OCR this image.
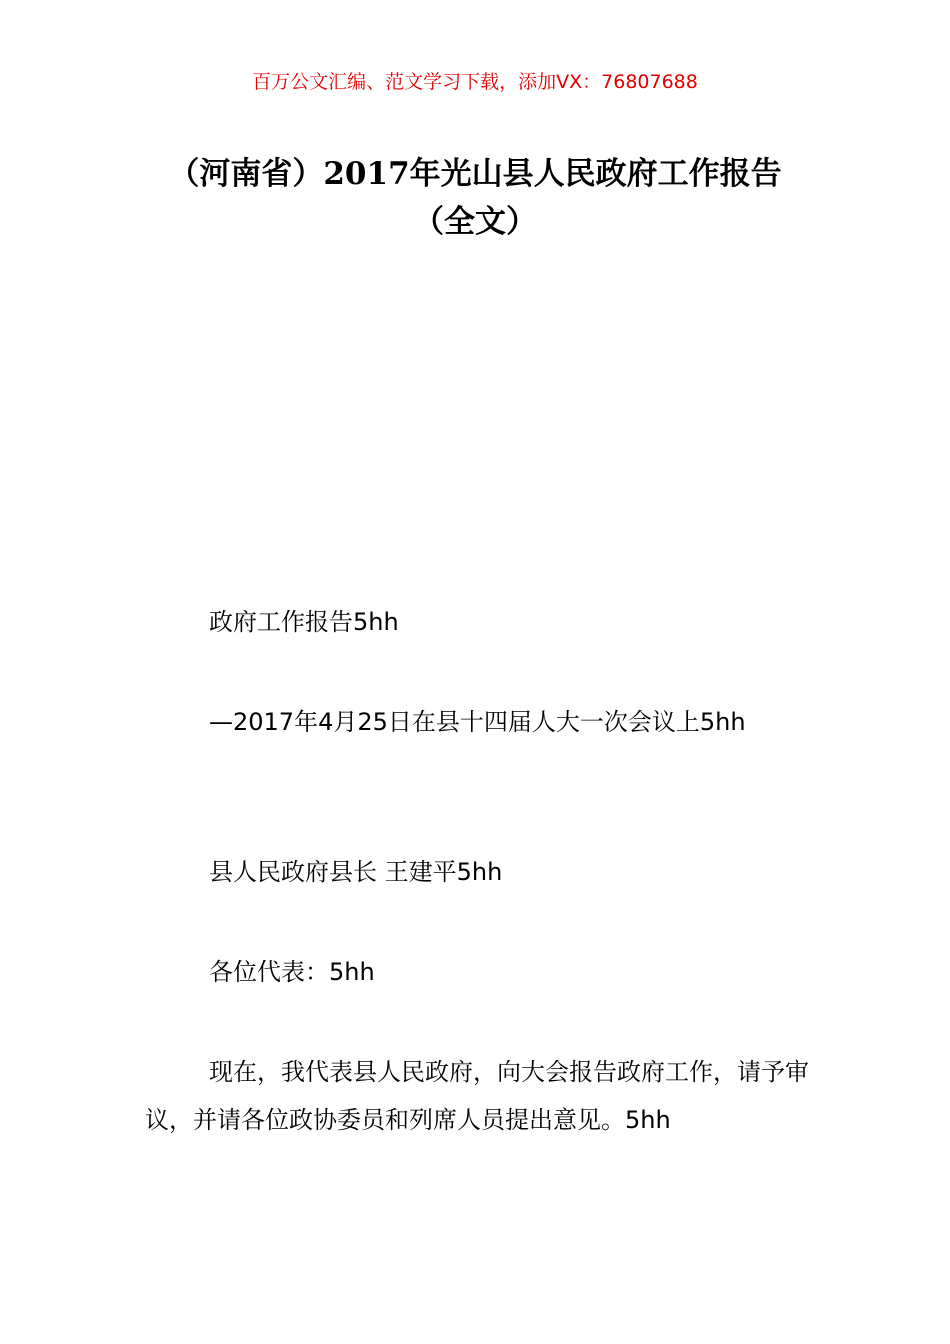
百万公文汇编、范文学习下载，添加VX：76807688
（河南省）2017年光山县人民政府工作报告（全文）

政府工作报告5hh

—2017年4月25日在县十四届人大一次会议上5hh

县人民政府县长 王建平5hh

各位代表：5hh

现在，我代表县人民政府，向大会报告政府工作，请予审议，并请各位政协委员和列席人员提出意见。5hh
